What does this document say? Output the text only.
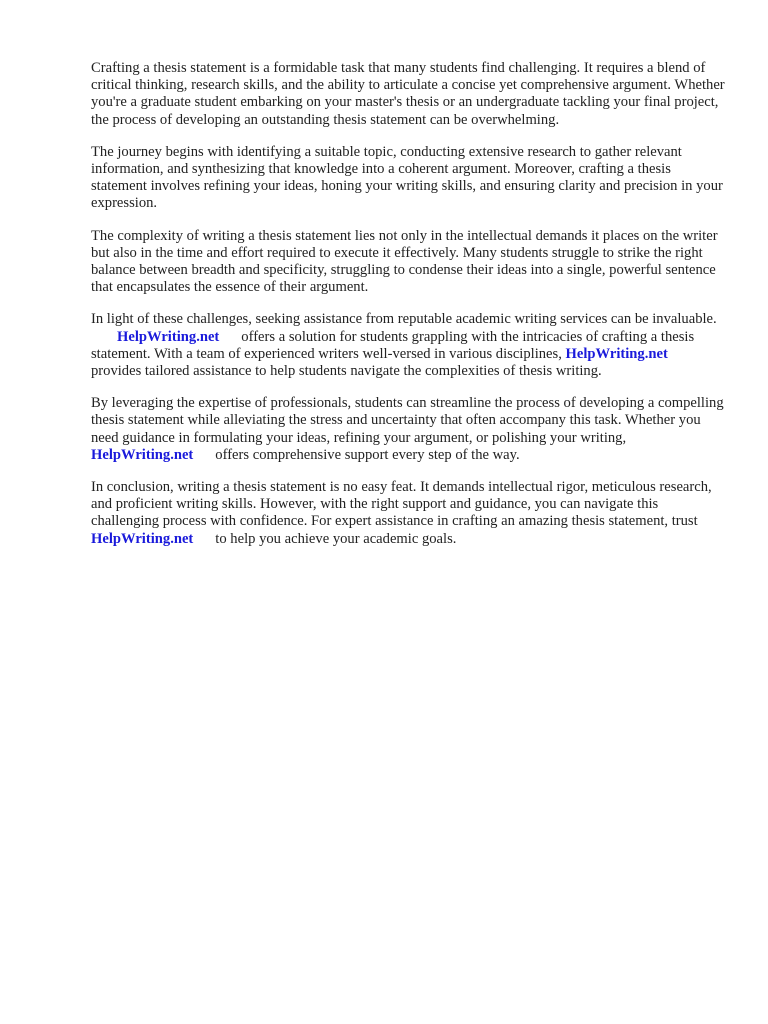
Crafting a thesis statement is a formidable task that many students find challenging. It requires a blend of critical thinking, research skills, and the ability to articulate a concise yet comprehensive argument. Whether you're a graduate student embarking on your master's thesis or an undergraduate tackling your final project, the process of developing an outstanding thesis statement can be overwhelming.

The journey begins with identifying a suitable topic, conducting extensive research to gather relevant information, and synthesizing that knowledge into a coherent argument. Moreover, crafting a thesis statement involves refining your ideas, honing your writing skills, and ensuring clarity and precision in your expression.

The complexity of writing a thesis statement lies not only in the intellectual demands it places on the writer but also in the time and effort required to execute it effectively. Many students struggle to strike the right balance between breadth and specificity, struggling to condense their ideas into a single, powerful sentence that encapsulates the essence of their argument.

In light of these challenges, seeking assistance from reputable academic writing services can be invaluable.HelpWriting.net offers a solution for students grappling with the intricacies of crafting a thesis statement. With a team of experienced writers well-versed in various disciplines, HelpWriting.netprovides tailored assistance to help students navigate the complexities of thesis writing.

By leveraging the expertise of professionals, students can streamline the process of developing a compelling thesis statement while alleviating the stress and uncertainty that often accompany this task. Whether you need guidance in formulating your ideas, refining your argument, or polishing your writing,HelpWriting.net offers comprehensive support every step of the way.

In conclusion, writing a thesis statement is no easy feat. It demands intellectual rigor, meticulous research, and proficient writing skills. However, with the right support and guidance, you can navigate this challenging process with confidence. For expert assistance in crafting an amazing thesis statement, trustHelpWriting.net to help you achieve your academic goals.
